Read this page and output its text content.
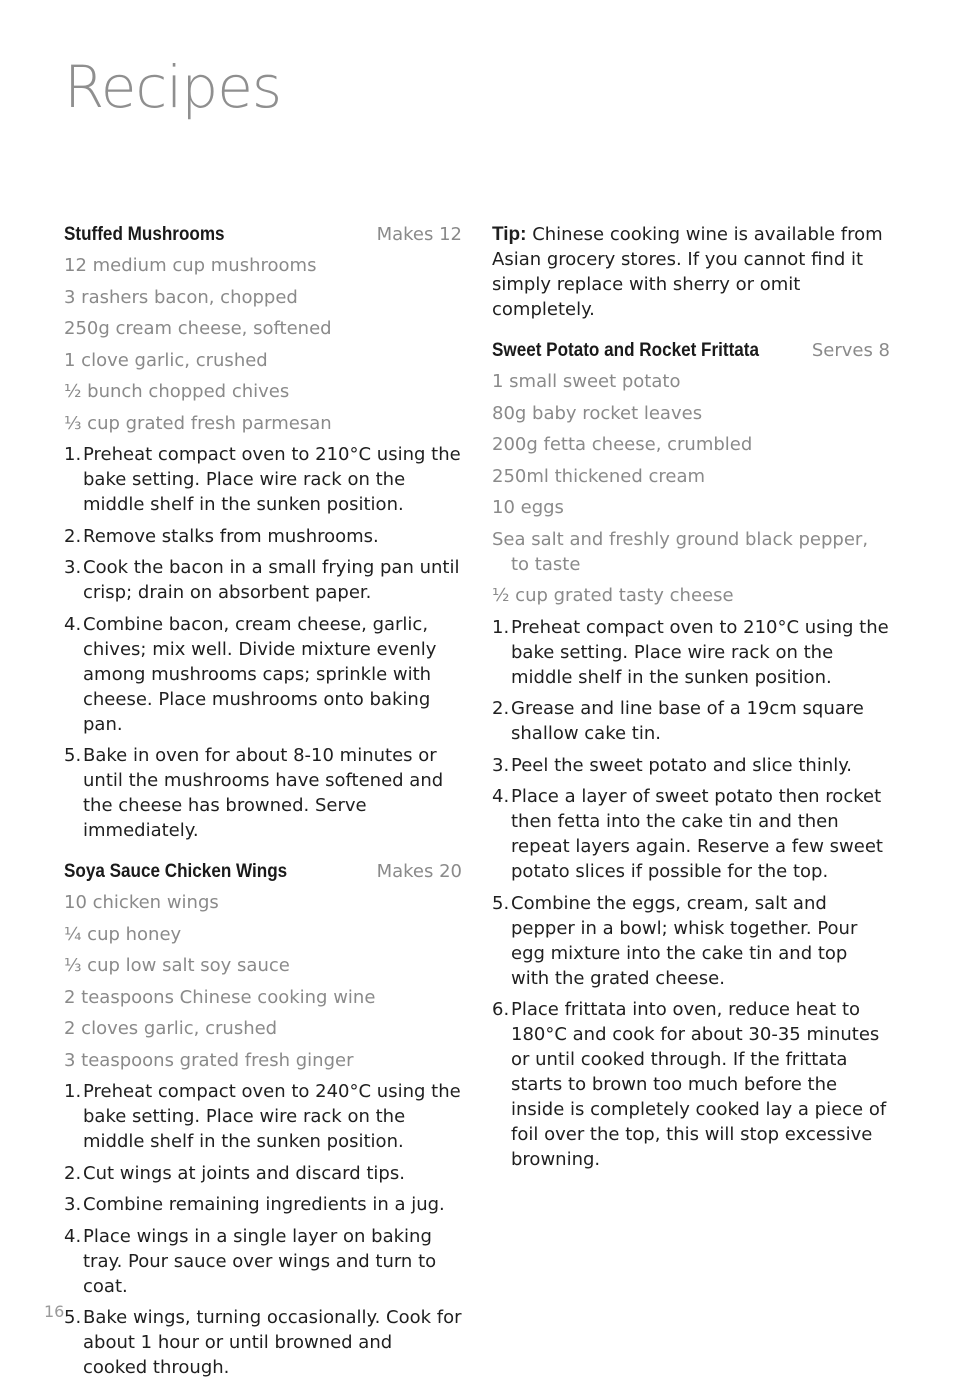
Recipes
Stuffed Mushrooms	Makes 12
12 medium cup mushrooms
3 rashers bacon, chopped
250g cream cheese, softened
1 clove garlic, crushed
½ bunch chopped chives
⅓ cup grated fresh parmesan
1. Preheat compact oven to 210°C using the bake setting. Place wire rack on the middle shelf in the sunken position.
2. Remove stalks from mushrooms.
3. Cook the bacon in a small frying pan until crisp; drain on absorbent paper.
4. Combine bacon, cream cheese, garlic, chives; mix well. Divide mixture evenly among mushrooms caps; sprinkle with cheese. Place mushrooms onto baking pan.
5. Bake in oven for about 8-10 minutes or until the mushrooms have softened and the cheese has browned. Serve immediately.
Soya Sauce Chicken Wings	Makes 20
10 chicken wings
¼ cup honey
⅓ cup low salt soy sauce
2 teaspoons Chinese cooking wine
2 cloves garlic, crushed
3 teaspoons grated fresh ginger
1. Preheat compact oven to 240°C using the bake setting. Place wire rack on the middle shelf in the sunken position.
2. Cut wings at joints and discard tips.
3. Combine remaining ingredients in a jug.
4. Place wings in a single layer on baking tray. Pour sauce over wings and turn to coat.
5. Bake wings, turning occasionally. Cook for about 1 hour or until browned and cooked through.

Tip: Chinese cooking wine is available from Asian grocery stores. If you cannot find it simply replace with sherry or omit completely.

Sweet Potato and Rocket Frittata	Serves 8
1 small sweet potato
80g baby rocket leaves
200g fetta cheese, crumbled
250ml thickened cream
10 eggs
Sea salt and freshly ground black pepper, to taste
½ cup grated tasty cheese
1. Preheat compact oven to 210°C using the bake setting. Place wire rack on the middle shelf in the sunken position.
2. Grease and line base of a 19cm square shallow cake tin.
3. Peel the sweet potato and slice thinly.
4. Place a layer of sweet potato then rocket then fetta into the cake tin and then repeat layers again. Reserve a few sweet potato slices if possible for the top.
5. Combine the eggs, cream, salt and pepper in a bowl; whisk together. Pour egg mixture into the cake tin and top with the grated cheese.
6. Place frittata into oven, reduce heat to 180°C and cook for about 30-35 minutes or until cooked through. If the frittata starts to brown too much before the inside is completely cooked lay a piece of foil over the top, this will stop excessive browning.
16
